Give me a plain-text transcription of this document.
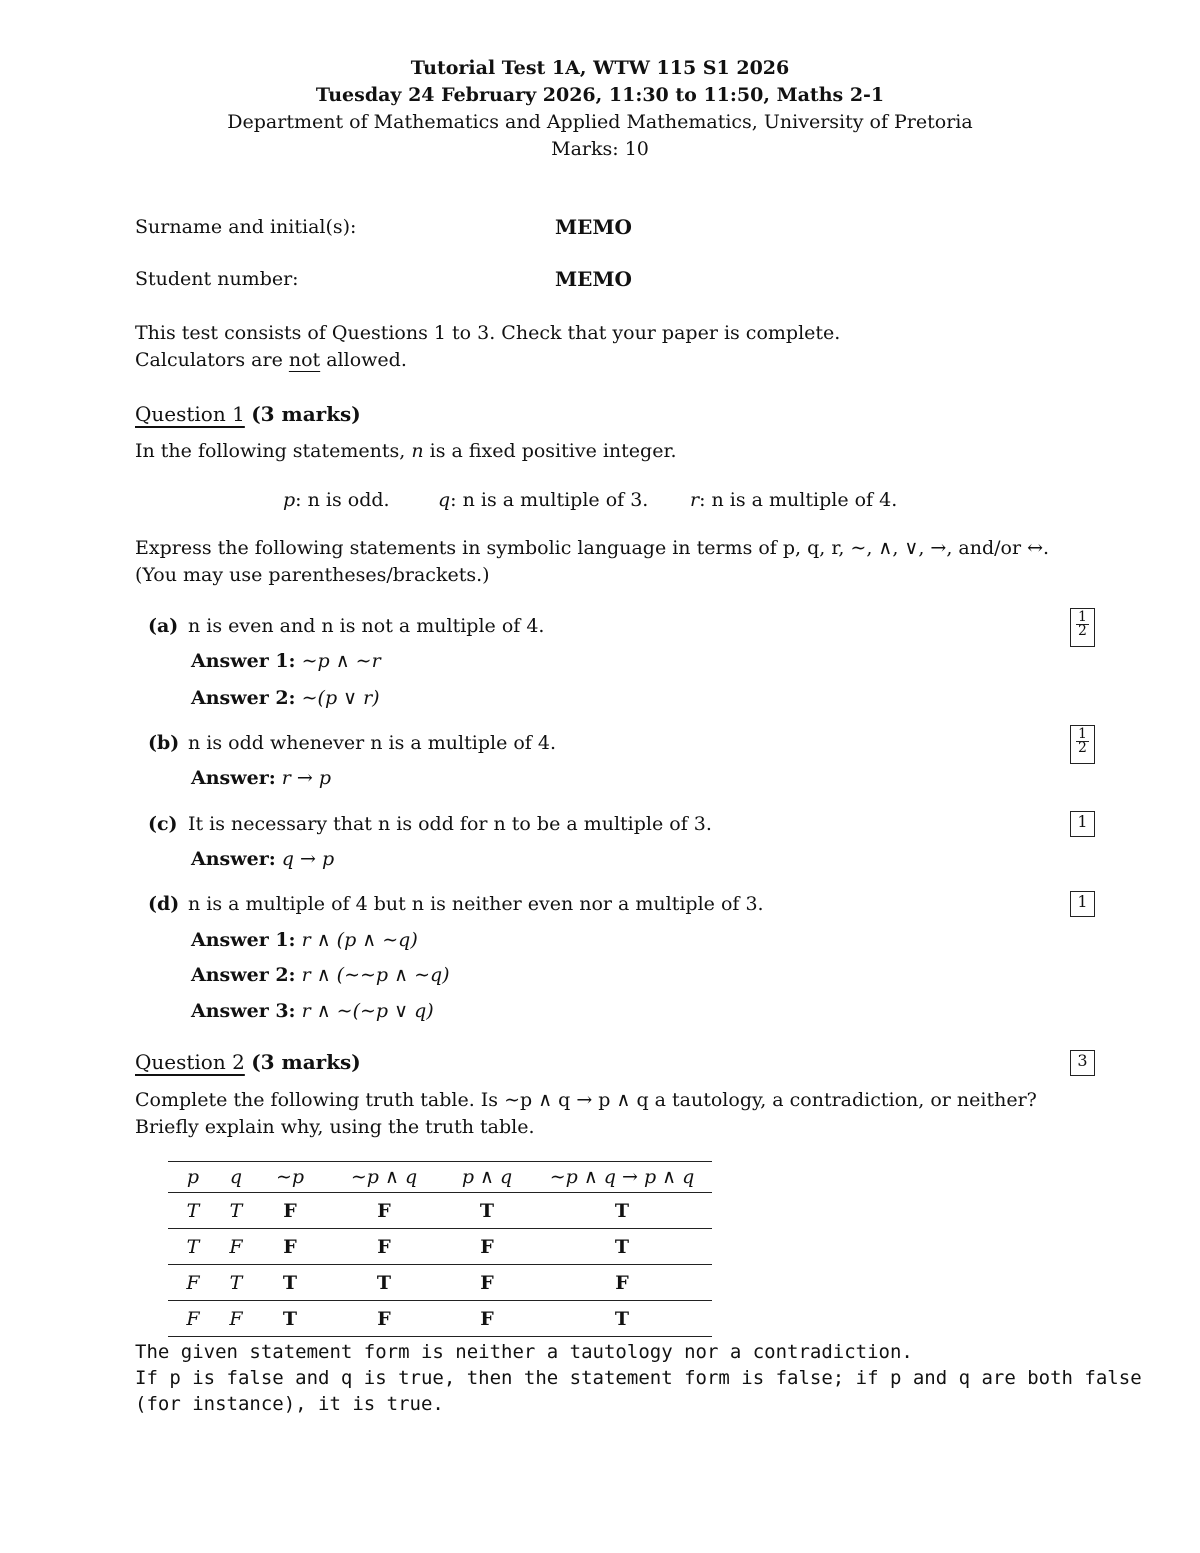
Tutorial Test 1A, WTW 115 S1 2026
Tuesday 24 February 2026, 11:30 to 11:50, Maths 2-1
Department of Mathematics and Applied Mathematics, University of Pretoria
Marks: 10
Surname and initial(s):	MEMO
Student number:	MEMO
This test consists of Questions 1 to 3. Check that your paper is complete.
Calculators are not allowed.
Question 1 (3 marks)
In the following statements, n is a fixed positive integer.
p: n is odd.	q: n is a multiple of 3. r: n is a multiple of 4.
Express the following statements in symbolic language in terms of p, q, r, ∼, ∧, ∨, →, and/or ↔.
(You may use parentheses/brackets.)
(a) n is even and n is not a multiple of 4.	$\frac{1}{2}$
Answer 1: ∼p ∧ ∼r
Answer 2: ∼(p ∨ r)
(b) n is odd whenever n is a multiple of 4.	$\frac{1}{2}$
Answer: r → p
(c) It is necessary that n is odd for n to be a multiple of 3.	1
Answer: q → p
(d) n is a multiple of 4 but n is neither even nor a multiple of 3.	1
Answer 1: r ∧ (p ∧ ∼q)
Answer 2: r ∧ (∼∼p ∧ ∼q)
Answer 3: r ∧ ∼(∼p ∨ q)
Question 2 (3 marks)	3
Complete the following truth table. Is ∼p ∧ q → p ∧ q a tautology, a contradiction, or neither?
Briefly explain why, using the truth table.
p	q	∼p	∼p ∧ q	p ∧ q	∼p ∧ q → p ∧ q
T	T	F	F	T	T
T	F	F	F	F	T
F	T	T	T	F	F
F	F	T	F	F	T
The given statement form is neither a tautology nor a contradiction.
If p is false and q is true, then the statement form is false; if p and q are both false
(for instance), it is true.
